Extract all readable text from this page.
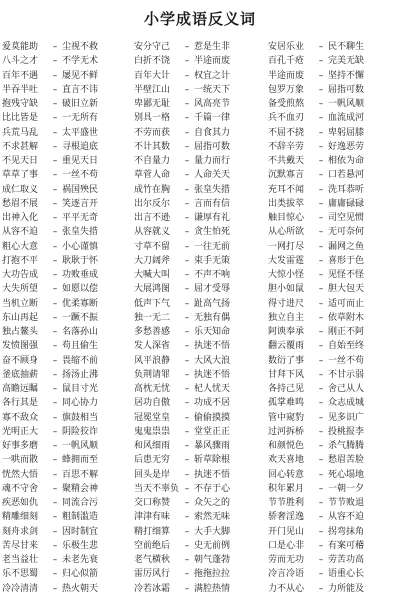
小学成语反义词
爱莫能助	– 尘视不救
八斗之才	– 不学无术
百年不遇	– 屡见不鲜
半吞半吐	– 直言不讳
抱残守缺	– 破旧立新
比比皆是	– 一无所有
兵荒马乱	– 太平盛世
不求甚解	– 寻根追底
不见天日	– 重见天日
草草了事	– 一丝不苟
成仁取义	– 祸国殃民
愁眉不展	– 笑逐言开
出神入化	– 平平无奇
从容不迫	– 张皇失措
粗心大意	– 小心谨慎
打抱不平	– 耿耿于怀
大功告成	– 功败垂成
大失所望	– 如愿以偿
当机立断	– 优柔寡断
东山再起	– 一蹶不振
独占鳌头	– 名落孙山
发愤图强	– 苟且偷生
奋不顾身	– 畏缩不前
釜底抽薪	– 扬汤止沸
高瞻远瞩	– 鼠目寸光
各行其是	– 同心协力
寡不敌众	– 旗鼓相当
光明正大	– 阴险狡诈
好事多磨	– 一帆风顺
一哄而散	– 蜂拥而至
恍然大悟	– 百思不解
魂不守舍	– 聚精会神
疾恶如仇	– 同流合污
精雕细刻	– 粗制滥造
刻舟求剑	– 因时制宜
苦尽甘来	– 乐极生悲
老当益壮	– 未老先衰
乐不思蜀	– 归心似箭
冷冷清清	– 热火朝天
安分守己	– 惹是生非
白折不饶	– 半途而废
百年大计	– 权宜之计
半壁江山	– 一统天下
卑鄙无耻	– 风高亮节
别具一格	– 千篇一律
不劳而获	– 自食其力
不计其数	– 屈指可数
不自量力	– 量力而行
草菅人命	– 人命关天
成竹在胸	– 张皇失措
出尔反尔	– 言而有信
出言不逊	– 谦厚有礼
从容就义	– 贪生怕死
寸草不留	– 一往无前
大刀阔斧	– 束手无策
大喊大叫	– 不声不响
大展鸿图	– 屈才受辱
低声下气	– 趾高气扬
独一无二	– 无独有偶
多愁善感	– 乐天知命
发人深省	– 执迷不悟
风平浪静	– 大风大浪
负荆请罪	– 执迷不悟
高枕无忧	– 杞人忧天
居功自傲	– 功成不居
冠冕堂皇	– 偷偷摸摸
鬼鬼祟祟	– 堂堂正正
和风细雨	– 暴风骤雨
后患无穷	– 斩草除根
回头是岸	– 执迷不悟
当天不辜负 – 不存于心
交口称赞	– 众矢之的
津津有味	– 索然无味
精打细算	– 大手大脚
空前绝后	– 史无前例
老气横秋	– 朝气蓬勃
雷厉风行	– 拖拖拉拉
冷若冰霜	– 满腔热情
安居乐业	– 民不聊生
百孔千疮	– 完美无缺
半途而废	– 坚持不懈
包罗万象	– 屈指可数
备受煎熬	– 一帆风顺
兵不血刃	– 血流成河
不屈不挠	– 卑躬屈膝
不辞辛劳	– 好逸恶劳
不共戴天	– 相依为命
沉默寡言	– 口若悬河
充耳不闻	– 洗耳恭听
出类拔萃	– 庸庸碌碌
触目惊心	– 司空见惯
从心所欲	– 无可奈何
一网打尽	– 漏网之鱼
大发雷霆	– 喜形于色
大惊小怪	– 见怪不怪
胆小如鼠	– 胆大包天
得寸进尺	– 适可而止
独立自主	– 依草附木
阿谀奉承	– 刚正不阿
翻云覆雨	– 自始至终
数衍了事	– 一丝不苟
甘拜下风	– 不甘示弱
各持己见	– 舍己从人
孤掌难鸣	– 众志成城
管中窥豹	– 见多识广
过河拆桥	– 投桃报李
和颜悦色	– 杀气腾腾
欢天喜地	– 愁眉苦脸
回心转意	– 死心塌地
积年累月	– 一朝一夕
节节胜利	– 节节败退
骄奢淫逸	– 从容不迫
开门见山	– 拐弯抹角
口是心非	– 有案可稽
劳而无功	– 劳苦功高
冷言冷语	– 语重心长
力不从心	– 力所能及
